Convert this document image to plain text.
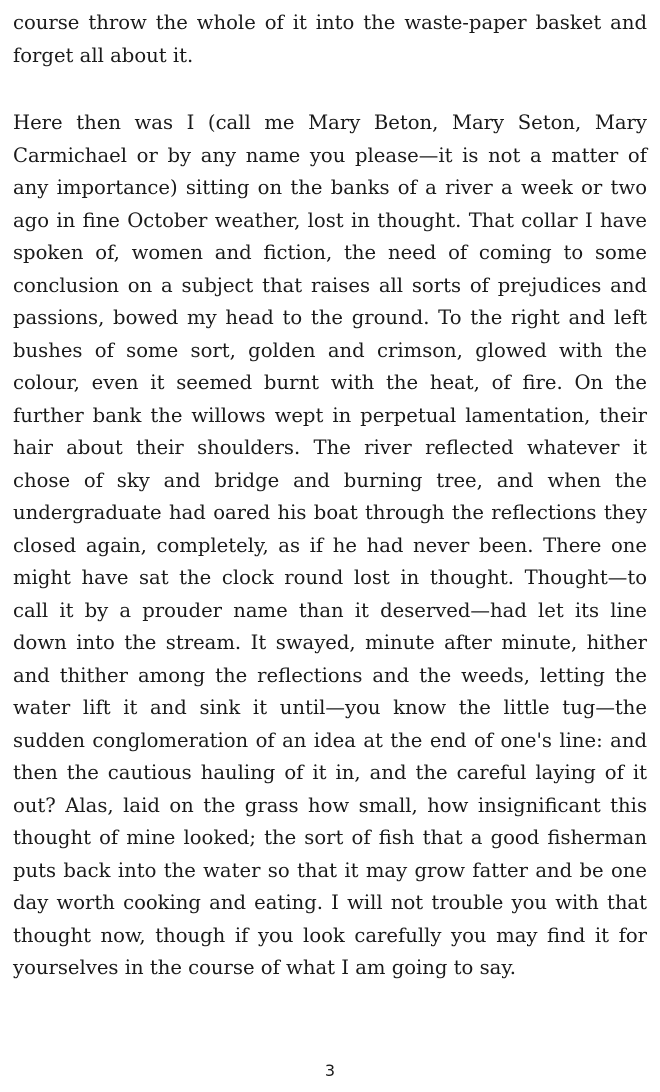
course throw the whole of it into the waste-paper basket and forget all about it.

Here then was I (call me Mary Beton, Mary Seton, Mary Carmichael or by any name you please—it is not a matter of any importance) sitting on the banks of a river a week or two ago in fine October weather, lost in thought. That collar I have spoken of, women and fiction, the need of coming to some conclusion on a subject that raises all sorts of prejudices and passions, bowed my head to the ground. To the right and left bushes of some sort, golden and crimson, glowed with the colour, even it seemed burnt with the heat, of fire. On the further bank the willows wept in perpetual lamentation, their hair about their shoulders. The river reflected whatever it chose of sky and bridge and burning tree, and when the undergraduate had oared his boat through the reflections they closed again, completely, as if he had never been. There one might have sat the clock round lost in thought. Thought—to call it by a prouder name than it deserved—had let its line down into the stream. It swayed, minute after minute, hither and thither among the reflections and the weeds, letting the water lift it and sink it until—you know the little tug—the sudden conglomeration of an idea at the end of one's line: and then the cautious hauling of it in, and the careful laying of it out? Alas, laid on the grass how small, how insignificant this thought of mine looked; the sort of fish that a good fisherman puts back into the water so that it may grow fatter and be one day worth cooking and eating. I will not trouble you with that thought now, though if you look carefully you may find it for yourselves in the course of what I am going to say.

3
